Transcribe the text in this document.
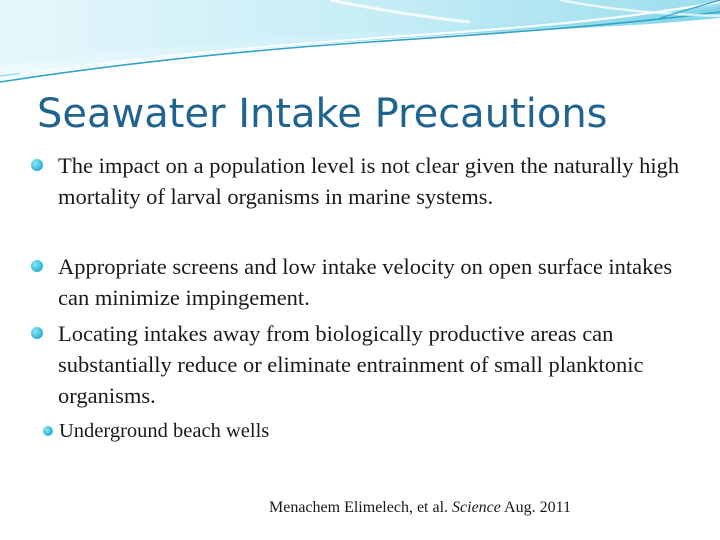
Seawater Intake Precautions
The impact on a population level is not clear given the naturally high mortality of larval organisms in marine systems.
Appropriate screens and low intake velocity on open surface intakes can minimize impingement.
Locating intakes away from biologically productive areas can substantially reduce or eliminate entrainment of small planktonic organisms.
Underground beach wells
Menachem Elimelech, et al. Science Aug. 2011
